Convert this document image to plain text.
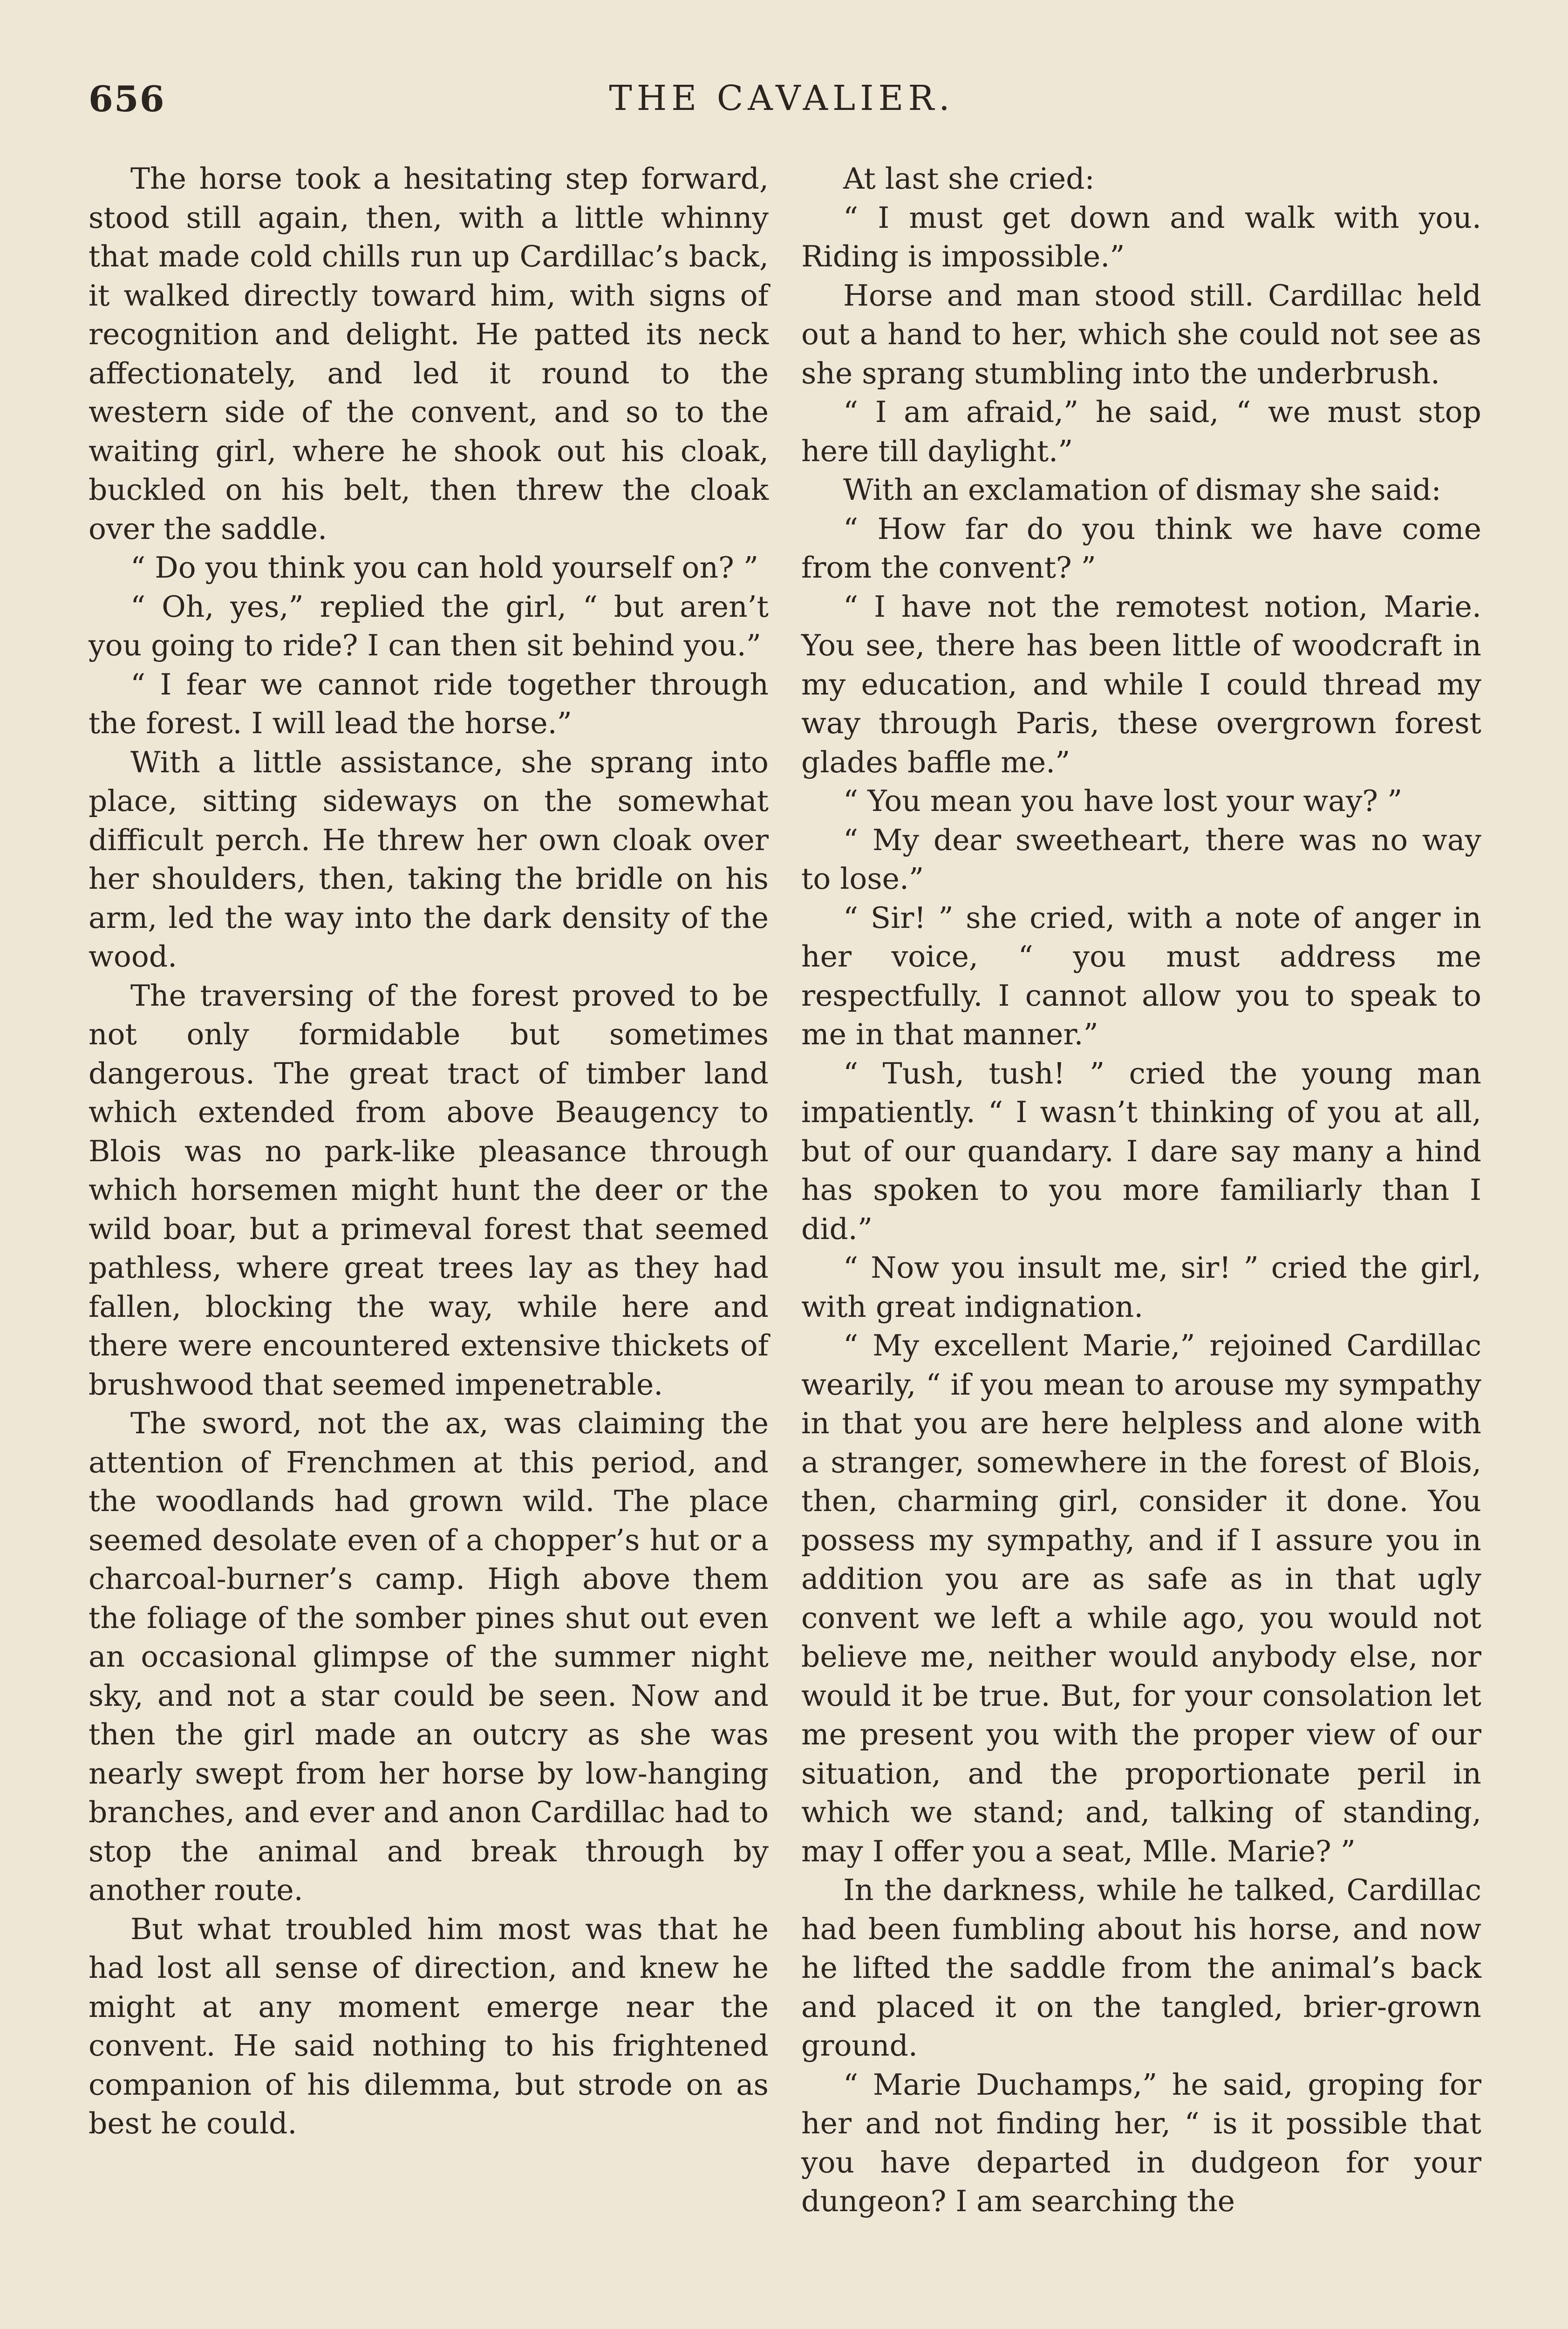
656	THE CAVALIER.

The horse took a hesitating step forward, stood still again, then, with a little whinny that made cold chills run up Cardillac’s back, it walked directly toward him, with signs of recognition and delight. He patted its neck affectionately, and led it round to the western side of the convent, and so to the waiting girl, where he shook out his cloak, buckled on his belt, then threw the cloak over the saddle.

“ Do you think you can hold yourself on? ”

“ Oh, yes,” replied the girl, “ but aren’t you going to ride? I can then sit behind you.”

“ I fear we cannot ride together through the forest. I will lead the horse.”

With a little assistance, she sprang into place, sitting sideways on the somewhat difficult perch. He threw her own cloak over her shoulders, then, taking the bridle on his arm, led the way into the dark density of the wood.

The traversing of the forest proved to be not only formidable but sometimes dangerous. The great tract of timber land which extended from above Beaugency to Blois was no park-like pleasance through which horsemen might hunt the deer or the wild boar, but a primeval forest that seemed pathless, where great trees lay as they had fallen, blocking the way, while here and there were encountered extensive thickets of brushwood that seemed impenetrable.

The sword, not the ax, was claiming the attention of Frenchmen at this period, and the woodlands had grown wild. The place seemed desolate even of a chopper’s hut or a charcoal-burner’s camp. High above them the foliage of the somber pines shut out even an occasional glimpse of the summer night sky, and not a star could be seen. Now and then the girl made an outcry as she was nearly swept from her horse by low-hanging branches, and ever and anon Cardillac had to stop the animal and break through by another route.

But what troubled him most was that he had lost all sense of direction, and knew he might at any moment emerge near the convent. He said nothing to his frightened companion of his dilemma, but strode on as best he could.

At last she cried:

“ I must get down and walk with you. Riding is impossible.”

Horse and man stood still. Cardillac held out a hand to her, which she could not see as she sprang stumbling into the underbrush.

“ I am afraid,” he said, “ we must stop here till daylight.”

With an exclamation of dismay she said:

“ How far do you think we have come from the convent? ”

“ I have not the remotest notion, Marie. You see, there has been little of woodcraft in my education, and while I could thread my way through Paris, these overgrown forest glades baffle me.”

“ You mean you have lost your way? ”

“ My dear sweetheart, there was no way to lose.”

“ Sir! ” she cried, with a note of anger in her voice, “ you must address me respectfully. I cannot allow you to speak to me in that manner.”

“ Tush, tush! ” cried the young man impatiently. “ I wasn’t thinking of you at all, but of our quandary. I dare say many a hind has spoken to you more familiarly than I did.”

“ Now you insult me, sir! ” cried the girl, with great indignation.

“ My excellent Marie,” rejoined Cardillac wearily, “ if you mean to arouse my sympathy in that you are here helpless and alone with a stranger, somewhere in the forest of Blois, then, charming girl, consider it done. You possess my sympathy, and if I assure you in addition you are as safe as in that ugly convent we left a while ago, you would not believe me, neither would anybody else, nor would it be true. But, for your consolation let me present you with the proper view of our situation, and the proportionate peril in which we stand; and, talking of standing, may I offer you a seat, Mlle. Marie? ”

In the darkness, while he talked, Cardillac had been fumbling about his horse, and now he lifted the saddle from the animal’s back and placed it on the tangled, brier-grown ground.

“ Marie Duchamps,” he said, groping for her and not finding her, “ is it possible that you have departed in dudgeon for your dungeon? I am searching the
